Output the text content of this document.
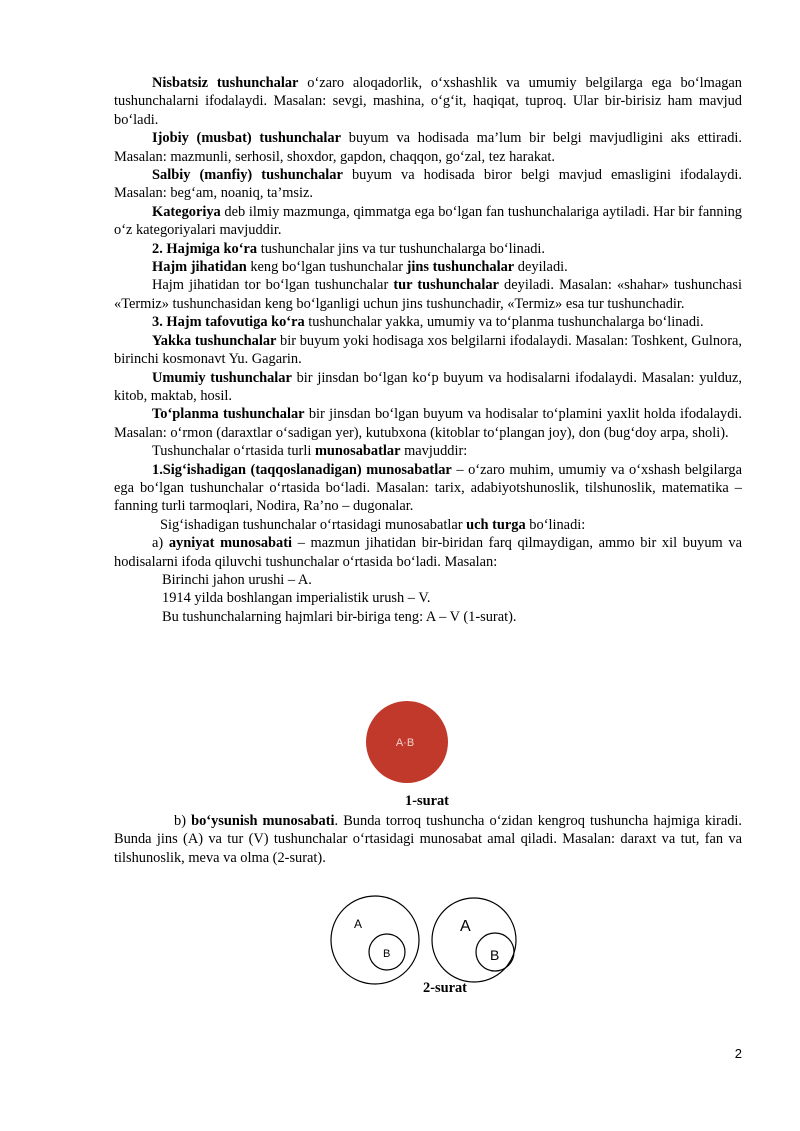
Nisbatsiz tushunchalar o‘zaro aloqadorlik, o‘xshashlik va umumiy belgilarga ega bo‘lmagan tushunchalarni ifodalaydi. Masalan: sevgi, mashina, o‘g‘it, haqiqat, tuproq. Ular bir-birisiz ham mavjud bo‘ladi.

Ijobiy (musbat) tushunchalar buyum va hodisada ma’lum bir belgi mavjudligini aks ettiradi. Masalan: mazmunli, serhosil, shoxdor, gapdon, chaqqon, go‘zal, tez harakat.

Salbiy (manfiy) tushunchalar buyum va hodisada biror belgi mavjud emasligini ifodalaydi. Masalan: beg‘am, noaniq, ta’msiz.

Kategoriya deb ilmiy mazmunga, qimmatga ega bo‘lgan fan tushunchalariga aytiladi. Har bir fanning o‘z kategoriyalari mavjuddir.

2. Hajmiga ko‘ra tushunchalar jins va tur tushunchalarga bo‘linadi.

Hajm jihatidan keng bo‘lgan tushunchalar jins tushunchalar deyiladi.

Hajm jihatidan tor bo‘lgan tushunchalar tur tushunchalar deyiladi. Masalan: «shahar» tushunchasi «Termiz» tushunchasidan keng bo‘lganligi uchun jins tushunchadir, «Termiz» esa tur tushunchadir.

3. Hajm tafovutiga ko‘ra tushunchalar yakka, umumiy va to‘planma tushunchalarga bo‘linadi.

Yakka tushunchalar bir buyum yoki hodisaga xos belgilarni ifodalaydi. Masalan: Toshkent, Gulnora, birinchi kosmonavt Yu. Gagarin.

Umumiy tushunchalar bir jinsdan bo‘lgan ko‘p buyum va hodisalarni ifodalaydi. Masalan: yulduz, kitob, maktab, hosil.

To‘planma tushunchalar bir jinsdan bo‘lgan buyum va hodisalar to‘plamini yaxlit holda ifodalaydi. Masalan: o‘rmon (daraxtlar o‘sadigan yer), kutubxona (kitoblar to‘plangan joy), don (bug‘doy arpa, sholi).

Tushunchalar o‘rtasida turli munosabatlar mavjuddir:

1.Sig‘ishadigan (taqqoslanadigan) munosabatlar – o‘zaro muhim, umumiy va o‘xshash belgilarga ega bo‘lgan tushunchalar o‘rtasida bo‘ladi. Masalan: tarix, adabiyotshunoslik, tilshunoslik, matematika – fanning turli tarmoqlari, Nodira, Ra’no – dugonalar.

Sig‘ishadigan tushunchalar o‘rtasidagi munosabatlar uch turga bo‘linadi:

a) ayniyat munosabati – mazmun jihatidan bir-biridan farq qilmaydigan, ammo bir xil buyum va hodisalarni ifoda qiluvchi tushunchalar o‘rtasida bo‘ladi. Masalan:

Birinchi jahon urushi – A.

1914 yilda boshlangan imperialistik urush – V.

Bu tushunchalarning hajmlari bir-biriga teng: A – V (1-surat).

A·B
1-surat

b) bo‘ysunish munosabati. Bunda torroq tushuncha o‘zidan kengroq tushuncha hajmiga kiradi. Bunda jins (A) va tur (V) tushunchalar o‘rtasidagi munosabat amal qiladi. Masalan: daraxt va tut, fan va tilshunoslik, meva va olma (2-surat).

A
B
A
B
2-surat
2
